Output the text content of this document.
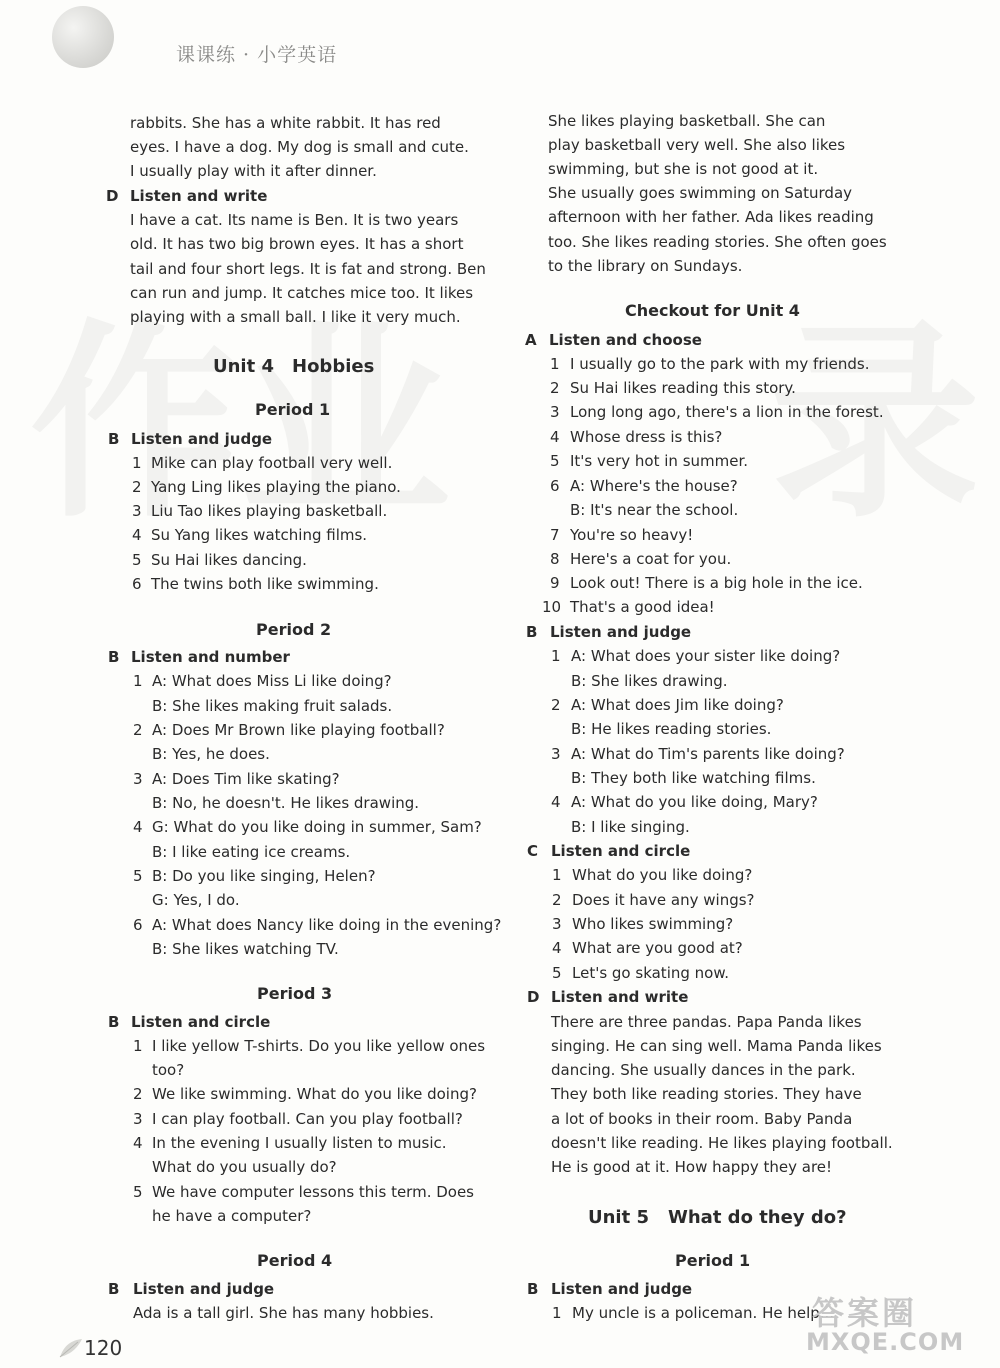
课课练 · 小学英语
rabbits. She has a white rabbit. It has red
eyes. I have a dog. My dog is small and cute.
I usually play with it after dinner.
D Listen and write
I have a cat. Its name is Ben. It is two years
old. It has two big brown eyes. It has a short
tail and four short legs. It is fat and strong. Ben
can run and jump. It catches mice too. It likes
playing with a small ball. I like it very much.
Unit 4 Hobbies
Period 1
B Listen and judge
1 Mike can play football very well.
2 Yang Ling likes playing the piano.
3 Liu Tao likes playing basketball.
4 Su Yang likes watching films.
5 Su Hai likes dancing.
6 The twins both like swimming.
Period 2
B Listen and number
1 A: What does Miss Li like doing?
B: She likes making fruit salads.
2 A: Does Mr Brown like playing football?
B: Yes, he does.
3 A: Does Tim like skating?
B: No, he doesn't. He likes drawing.
4 G: What do you like doing in summer, Sam?
B: I like eating ice creams.
5 B: Do you like singing, Helen?
G: Yes, I do.
6 A: What does Nancy like doing in the evening?
B: She likes watching TV.
Period 3
B Listen and circle
1 I like yellow T-shirts. Do you like yellow ones
too?
2 We like swimming. What do you like doing?
3 I can play football. Can you play football?
4 In the evening I usually listen to music.
What do you usually do?
5 We have computer lessons this term. Does
he have a computer?
Period 4
B Listen and judge
Ada is a tall girl. She has many hobbies.
She likes playing basketball. She can
play basketball very well. She also likes
swimming, but she is not good at it.
She usually goes swimming on Saturday
afternoon with her father. Ada likes reading
too. She likes reading stories. She often goes
to the library on Sundays.
Checkout for Unit 4
A Listen and choose
1 I usually go to the park with my friends.
2 Su Hai likes reading this story.
3 Long long ago, there's a lion in the forest.
4 Whose dress is this?
5 It's very hot in summer.
6 A: Where's the house?
B: It's near the school.
7 You're so heavy!
8 Here's a coat for you.
9 Look out! There is a big hole in the ice.
10 That's a good idea!
B Listen and judge
1 A: What does your sister like doing?
B: She likes drawing.
2 A: What does Jim like doing?
B: He likes reading stories.
3 A: What do Tim's parents like doing?
B: They both like watching films.
4 A: What do you like doing, Mary?
B: I like singing.
C Listen and circle
1 What do you like doing?
2 Does it have any wings?
3 Who likes swimming?
4 What are you good at?
5 Let's go skating now.
D Listen and write
There are three pandas. Papa Panda likes
singing. He can sing well. Mama Panda likes
dancing. She usually dances in the park.
They both like reading stories. They have
a lot of books in their room. Baby Panda
doesn't like reading. He likes playing football.
He is good at it. How happy they are!
Unit 5 What do they do?
Period 1
B Listen and judge
1 My uncle is a policeman. He help...
120
答案圈
MXQE.COM
